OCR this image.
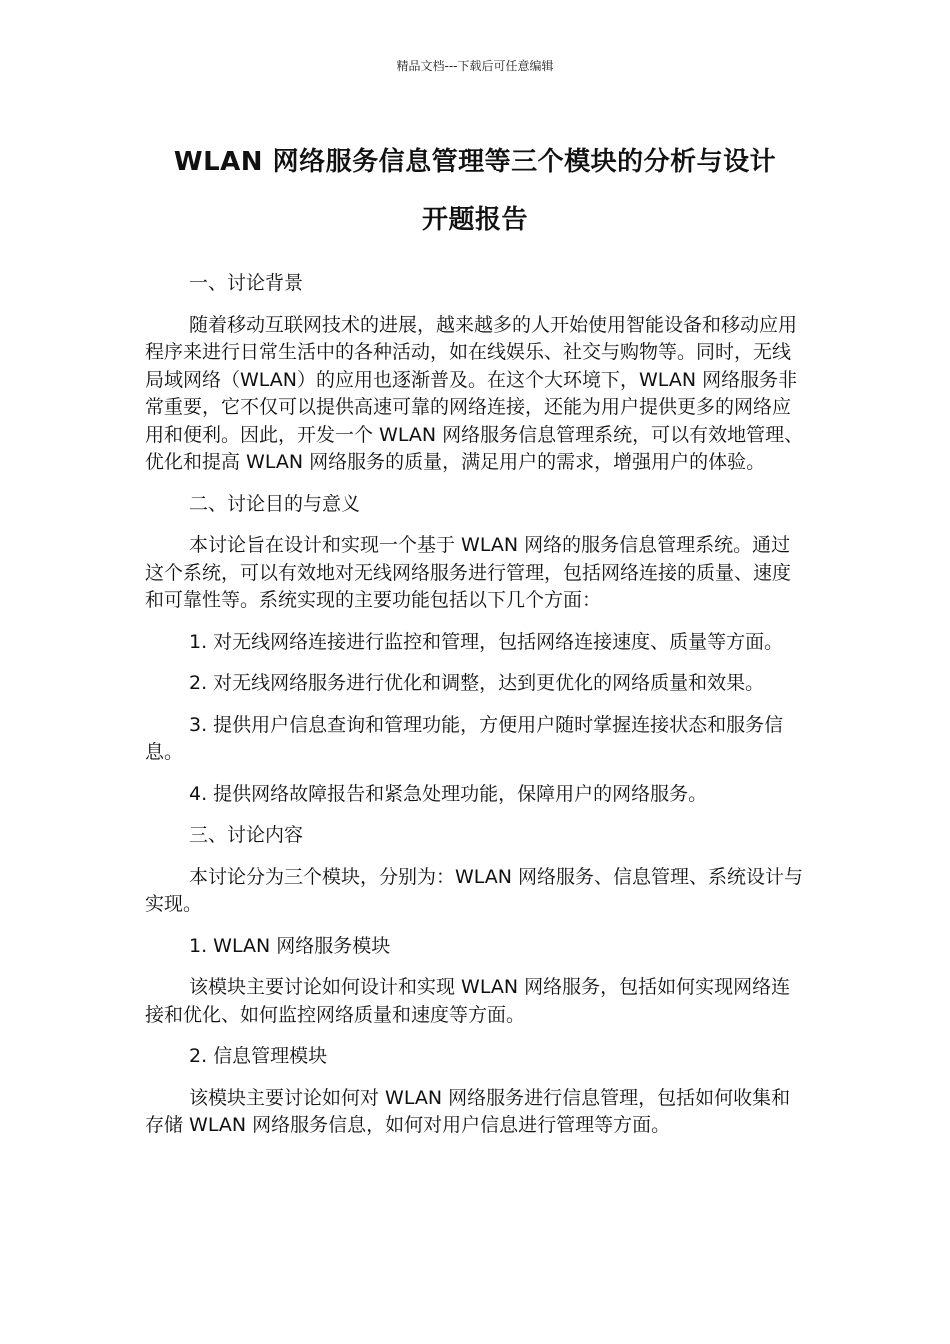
精品文档---下载后可任意编辑
WLAN 网络服务信息管理等三个模块的分析与设计
开题报告

一、讨论背景

随着移动互联网技术的进展，越来越多的人开始使用智能设备和移动应用程序来进行日常生活中的各种活动，如在线娱乐、社交与购物等。同时，无线局域网络（WLAN）的应用也逐渐普及。在这个大环境下，WLAN 网络服务非常重要，它不仅可以提供高速可靠的网络连接，还能为用户提供更多的网络应用和便利。因此，开发一个 WLAN 网络服务信息管理系统，可以有效地管理、优化和提高 WLAN 网络服务的质量，满足用户的需求，增强用户的体验。

二、讨论目的与意义

本讨论旨在设计和实现一个基于 WLAN 网络的服务信息管理系统。通过这个系统，可以有效地对无线网络服务进行管理，包括网络连接的质量、速度和可靠性等。系统实现的主要功能包括以下几个方面：

1. 对无线网络连接进行监控和管理，包括网络连接速度、质量等方面。

2. 对无线网络服务进行优化和调整，达到更优化的网络质量和效果。

3. 提供用户信息查询和管理功能，方便用户随时掌握连接状态和服务信息。

4. 提供网络故障报告和紧急处理功能，保障用户的网络服务。

三、讨论内容

本讨论分为三个模块，分别为：WLAN 网络服务、信息管理、系统设计与实现。

1. WLAN 网络服务模块

该模块主要讨论如何设计和实现 WLAN 网络服务，包括如何实现网络连接和优化、如何监控网络质量和速度等方面。

2. 信息管理模块

该模块主要讨论如何对 WLAN 网络服务进行信息管理，包括如何收集和存储 WLAN 网络服务信息，如何对用户信息进行管理等方面。
